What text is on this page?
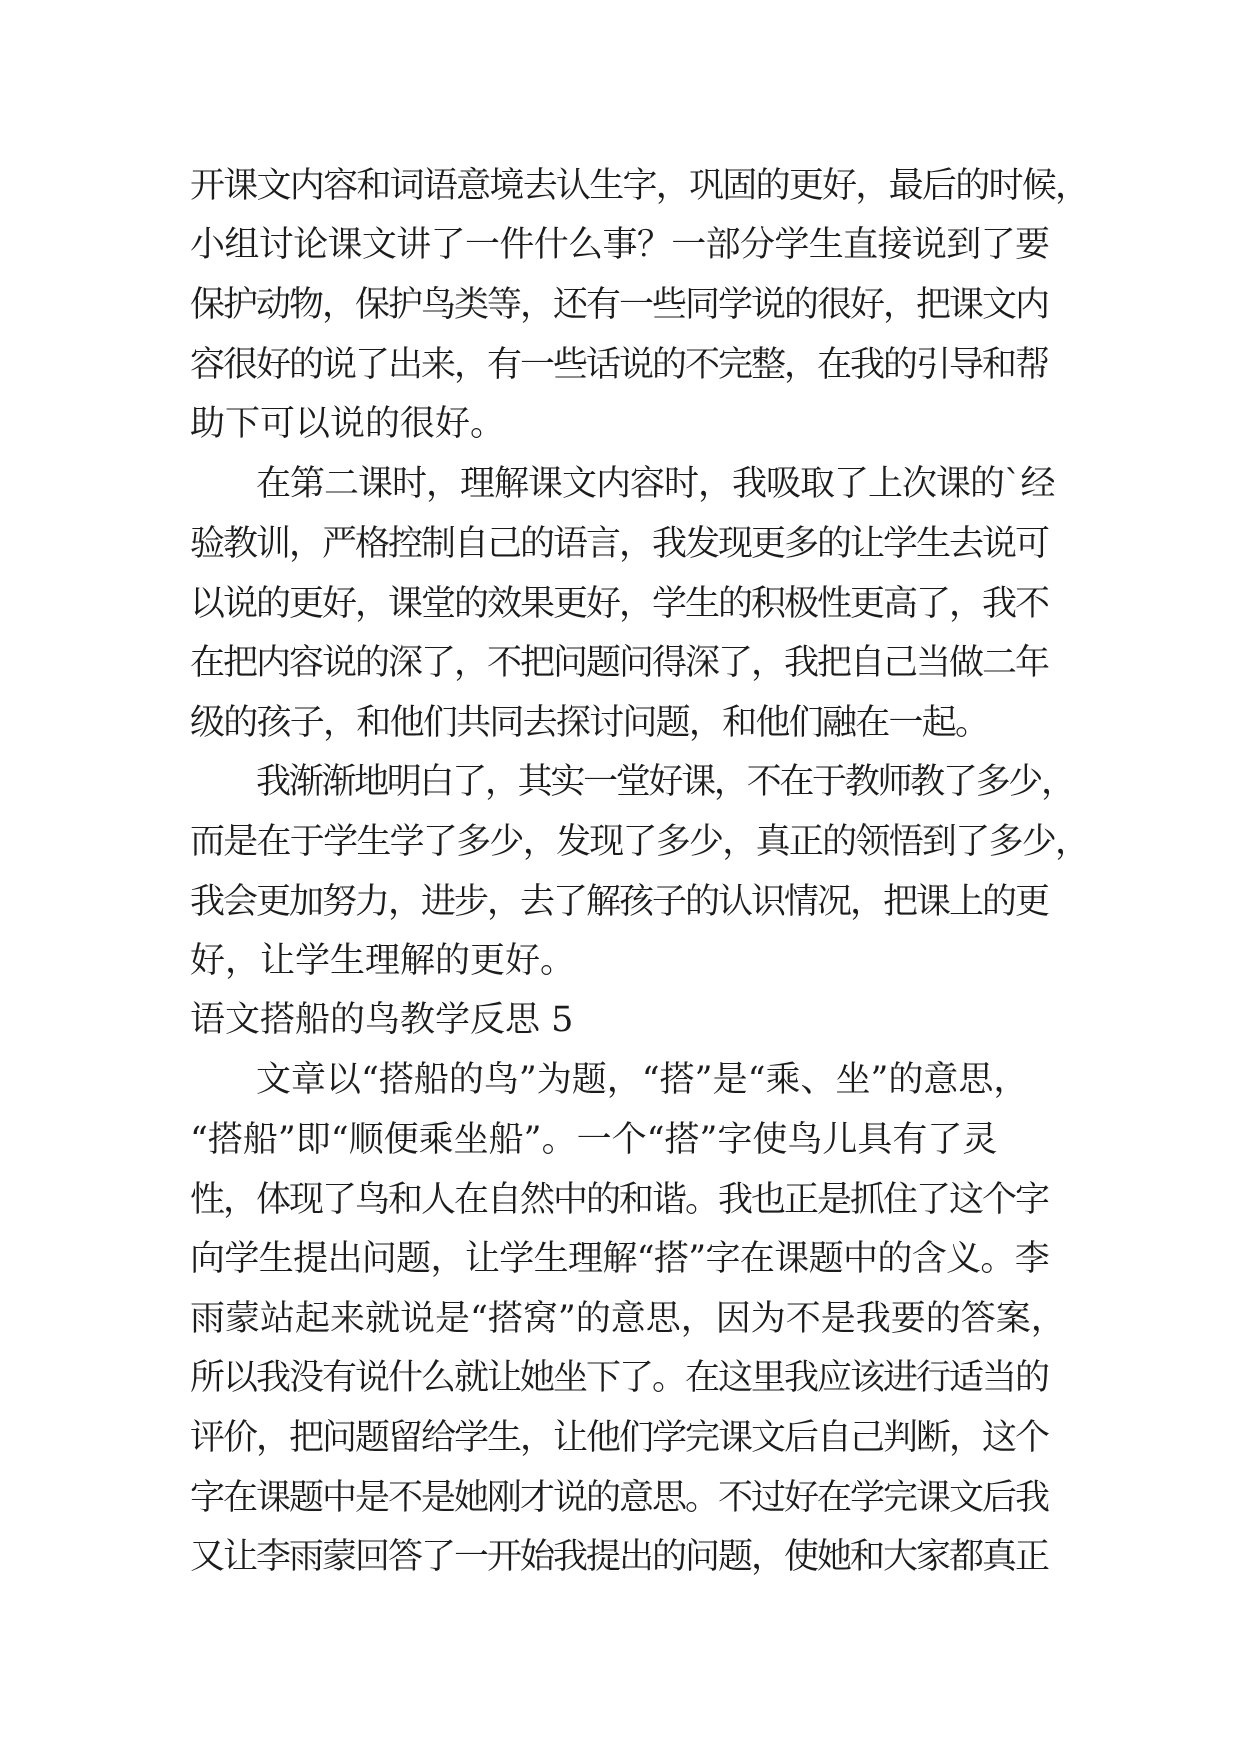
开课文内容和词语意境去认生字，巩固的更好，最后的时候，
小组讨论课文讲了一件什么事？一部分学生直接说到了要
保护动物，保护鸟类等，还有一些同学说的很好，把课文内
容很好的说了出来，有一些话说的不完整，在我的引导和帮
助下可以说的很好。
在第二课时，理解课文内容时，我吸取了上次课的`经
验教训，严格控制自己的语言，我发现更多的让学生去说可
以说的更好，课堂的效果更好，学生的积极性更高了，我不
在把内容说的深了，不把问题问得深了，我把自己当做二年
级的孩子，和他们共同去探讨问题，和他们融在一起。
我渐渐地明白了，其实一堂好课，不在于教师教了多少，
而是在于学生学了多少，发现了多少，真正的领悟到了多少，
我会更加努力，进步，去了解孩子的认识情况，把课上的更
好，让学生理解的更好。
语文搭船的鸟教学反思 5
文章以“搭船的鸟”为题，“搭”是“乘、坐”的意思，
“搭船”即“顺便乘坐船”。一个“搭”字使鸟儿具有了灵
性，体现了鸟和人在自然中的和谐。我也正是抓住了这个字
向学生提出问题，让学生理解“搭”字在课题中的含义。李
雨蒙站起来就说是“搭窝”的意思，因为不是我要的答案，
所以我没有说什么就让她坐下了。在这里我应该进行适当的
评价，把问题留给学生，让他们学完课文后自己判断，这个
字在课题中是不是她刚才说的意思。不过好在学完课文后我
又让李雨蒙回答了一开始我提出的问题，使她和大家都真正
